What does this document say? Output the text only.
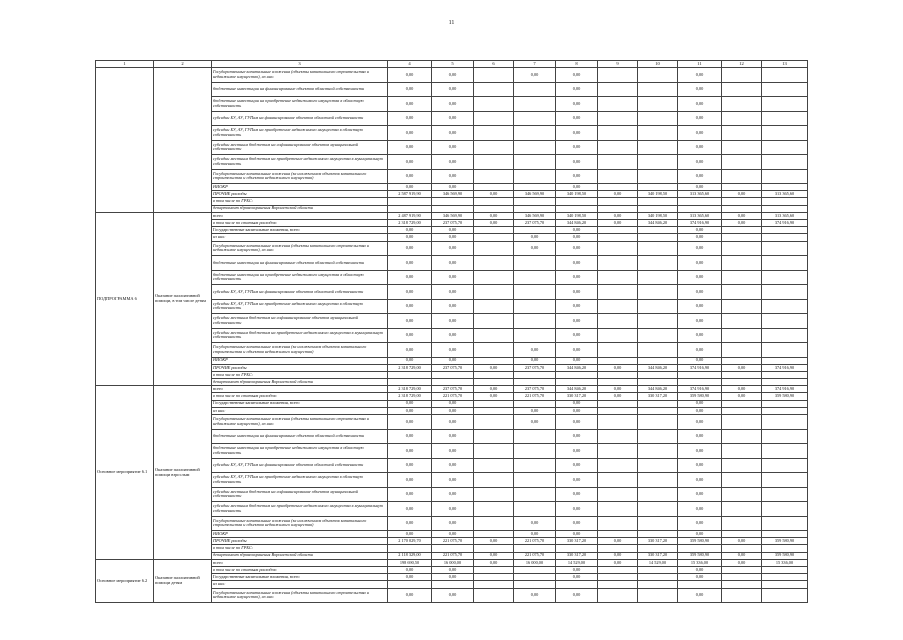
11
1	2	3	4	5	6	7	8	9	10	11	12	13
		Государственные капитальные вложения (объекты капитального строительства и недвижимое имущество), из них:	0,00	0,00		0,00	0,00			0,00		
		бюджетные инвестиции на финансирование объектов областной собственности	0,00	0,00			0,00			0,00		
		бюджетные инвестиции на приобретение недвижимого имущества в областную собственность	0,00	0,00			0,00			0,00		
		субсидии БУ, АУ, ГУПам на финансирование объектов областной собственности	0,00	0,00			0,00			0,00		
		субсидии БУ, АУ, ГУПам на приобретение недвижимого имущества в областную собственность	0,00	0,00			0,00			0,00		
		субсидии местным бюджетам на софинансирование объектов муниципальной собственности	0,00	0,00			0,00			0,00		
		субсидии местным бюджетам на приобретение недвижимого имущества в муниципальную собственность	0,00	0,00			0,00			0,00		
		Государственные капитальные вложения (за исключением объектов капитального строительства и объектов недвижимого имущества)	0,00	0,00			0,00			0,00		
		НИОКР	0,00	0,00			0,00			0,00		
		ПРОЧИЕ расходы	2 587 919,90	346 569,90	0,00	346 569,90	340 198,50	0,00	340 198,50	313 365,60	0,00	313 365,60
		в том числе по ГРБС:										
		департамент здравоохранения Воронежской области										
ПОДПРОГРАММА 6	Оказание паллиативной помощи, в том числе детям	всего	2 487 919,90	346 569,90	0,00	346 569,90	340 198,50	0,00	340 198,50	313 365,60	0,00	313 365,60
		в том числе по статьям расходов:	2 318 729,00	237 075,70	0,00	237 075,70	344 846,20	0,00	344 846,20	374 916,90	0,00	374 916,90
		Государственные капитальные вложения, всего	0,00	0,00			0,00			0,00		
		из них:	0,00	0,00		0,00	0,00			0,00		
		Государственные капитальные вложения (объекты капитального строительства и недвижимое имущество), из них:	0,00	0,00		0,00	0,00			0,00		
		бюджетные инвестиции на финансирование объектов областной собственности	0,00	0,00			0,00			0,00		
		бюджетные инвестиции на приобретение недвижимого имущества в областную собственность	0,00	0,00			0,00			0,00		
		субсидии БУ, АУ, ГУПам на финансирование объектов областной собственности	0,00	0,00			0,00			0,00		
		субсидии БУ, АУ, ГУПам на приобретение недвижимого имущества в областную собственность	0,00	0,00			0,00			0,00		
		субсидии местным бюджетам на софинансирование объектов муниципальной собственности	0,00	0,00			0,00			0,00		
		субсидии местным бюджетам на приобретение недвижимого имущества в муниципальную собственность	0,00	0,00			0,00			0,00		
		Государственные капитальные вложения (за исключением объектов капитального строительства и объектов недвижимого имущества)	0,00	0,00		0,00	0,00			0,00		
		НИОКР	0,00	0,00		0,00	0,00			0,00		
		ПРОЧИЕ расходы	2 318 729,00	237 075,70	0,00	237 075,70	344 846,20	0,00	344 846,20	374 916,90	0,00	374 916,90
		в том числе по ГРБС:										
		департамент здравоохранения Воронежской области										
Основное мероприятие 6.1	Оказание паллиативной помощи взрослым	всего	2 318 729,00	237 075,70	0,00	237 075,70	344 846,20	0,00	344 846,20	374 916,90	0,00	374 916,90
		в том числе по статьям расходов:	2 318 729,00	221 075,70	0,00	221 075,70	330 317,20	0,00	330 317,20	359 580,90	0,00	359 580,90
		Государственные капитальные вложения, всего	0,00	0,00			0,00			0,00		
		из них:	0,00	0,00		0,00	0,00			0,00		
		Государственные капитальные вложения (объекты капитального строительства и недвижимое имущество), из них:	0,00	0,00		0,00	0,00			0,00		
		бюджетные инвестиции на финансирование объектов областной собственности	0,00	0,00			0,00			0,00		
		бюджетные инвестиции на приобретение недвижимого имущества в областную собственность	0,00	0,00			0,00			0,00		
		субсидии БУ, АУ, ГУПам на финансирование объектов областной собственности	0,00	0,00			0,00			0,00		
		субсидии БУ, АУ, ГУПам на приобретение недвижимого имущества в областную собственность	0,00	0,00			0,00			0,00		
		субсидии местным бюджетам на софинансирование объектов муниципальной собственности	0,00	0,00			0,00			0,00		
		субсидии местным бюджетам на приобретение недвижимого имущества в муниципальную собственность	0,00	0,00			0,00			0,00		
		Государственные капитальные вложения (за исключением объектов капитального строительства и объектов недвижимого имущества)	0,00	0,00		0,00	0,00			0,00		
		НИОКР	0,00	0,00		0,00	0,00			0,00		
		ПРОЧИЕ расходы	2 170 029,70	221 075,70	0,00	221 075,70	330 317,20	0,00	330 317,20	359 580,90	0,00	359 580,90
		в том числе по ГРБС:										
		департамент здравоохранения Воронежской области	2 118 329,00	221 075,70	0,00	221 075,70	330 317,20	0,00	330 317,20	359 580,90	0,00	359 580,90
Основное мероприятие 6.2	Оказание паллиативной помощи детям	всего	198 690,50	16 000,00	0,00	16 000,00	14 529,00	0,00	14 529,00	15 336,00	0,00	15 336,00
		в том числе по статьям расходов:	0,00	0,00			0,00			0,00		
		Государственные капитальные вложения, всего	0,00	0,00			0,00			0,00		
		из них:										
		Государственные капитальные вложения (объекты капитального строительства и недвижимое имущество), из них:	0,00	0,00		0,00	0,00			0,00		
